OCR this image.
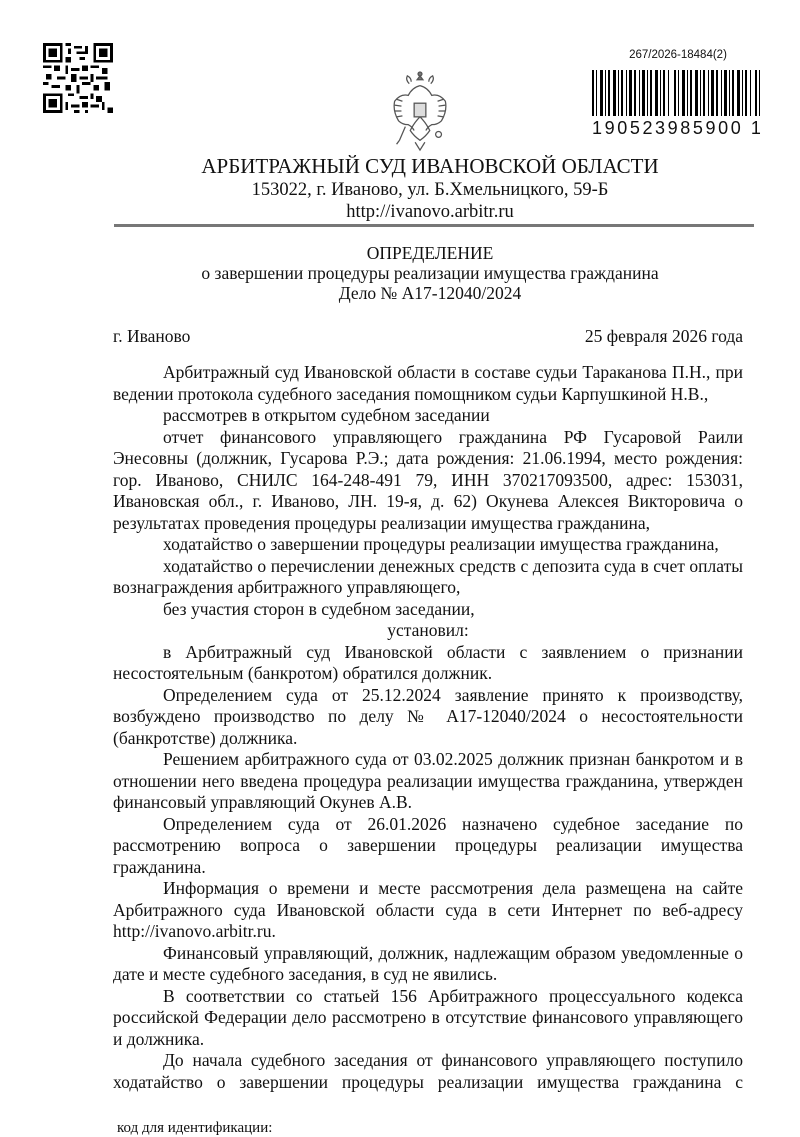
267/2026-18484(2)
190523985900 1
АРБИТРАЖНЫЙ СУД ИВАНОВСКОЙ ОБЛАСТИ
153022, г. Иваново, ул. Б.Хмельницкого, 59-Б
http://ivanovo.arbitr.ru
ОПРЕДЕЛЕНИЕ
о завершении процедуры реализации имущества гражданина
Дело № А17-12040/2024
г. Иваново	25 февраля 2026 года

Арбитражный суд Ивановской области в составе судьи Тараканова П.Н., при ведении протокола судебного заседания помощником судьи Карпушкиной Н.В.,

рассмотрев в открытом судебном заседании

отчет финансового управляющего гражданина РФ Гусаровой Раили Энесовны (должник, Гусарова Р.Э.; дата рождения: 21.06.1994, место рождения: гор. Иваново, СНИЛС 164-248-491 79, ИНН 370217093500, адрес: 153031, Ивановская обл., г. Иваново, ЛН. 19-я, д. 62) Окунева Алексея Викторовича о результатах проведения процедуры реализации имущества гражданина,

ходатайство о завершении процедуры реализации имущества гражданина,

ходатайство о перечислении денежных средств с депозита суда в счет оплаты вознаграждения арбитражного управляющего,

без участия сторон в судебном заседании,

установил:

в Арбитражный суд Ивановской области с заявлением о признании несостоятельным (банкротом) обратился должник.

Определением суда от 25.12.2024 заявление принято к производству, возбуждено производство по делу № А17-12040/2024 о несостоятельности (банкротстве) должника.

Решением арбитражного суда от 03.02.2025 должник признан банкротом и в отношении него введена процедура реализации имущества гражданина, утвержден финансовый управляющий Окунев А.В.

Определением суда от 26.01.2026 назначено судебное заседание по рассмотрению вопроса о завершении процедуры реализации имущества гражданина.

Информация о времени и месте рассмотрения дела размещена на сайте Арбитражного суда Ивановской области суда в сети Интернет по веб-адресу http://ivanovo.arbitr.ru.

Финансовый управляющий, должник, надлежащим образом уведомленные о дате и месте судебного заседания, в суд не явились.

В соответствии со статьей 156 Арбитражного процессуального кодекса российской Федерации дело рассмотрено в отсутствие финансового управляющего и должника.

До начала судебного заседания от финансового управляющего поступило ходатайство о завершении процедуры реализации имущества гражданина с

код для идентификации:
